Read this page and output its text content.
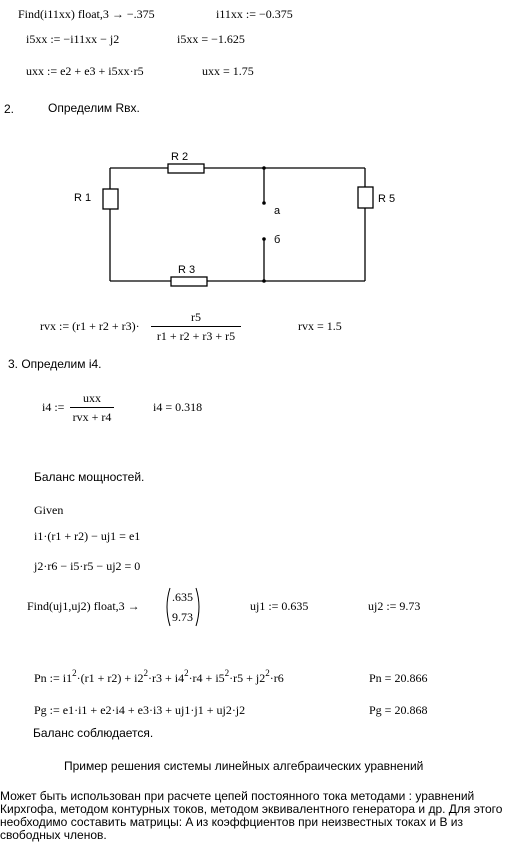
Find(i11xx) float,3 → −.375	i11xx := −0.375
i5xx := −i11xx − j2	i5xx = −1.625
uxx := e2 + e3 + i5xx·r5	uxx = 1.75
2.	Определим Rвх.
R 2
R 1	R 5
R 3
a
б
rvx := (r1 + r2 + r3)·
r5
r1 + r2 + r3 + r5
rvx = 1.5
3. Определим i4.
i4 :=
uxx
rvx + r4
i4 = 0.318
Баланс мощностей.
Given
i1·(r1 + r2) − uj1 = e1
j2·r6 − i5·r5 − uj2 = 0
Find(uj1,uj2) float,3 →
.635
9.73
uj1 := 0.635	uj2 := 9.73
Pn := $i1^2\cdot(r1 + r2) + i2^2\cdot r3 + i4^2\cdot r4 + i5^2\cdot r5 + j2^2\cdot r6$	Pn = 20.866
Pg := e1·i1 + e2·i4 + e3·i3 + uj1·j1 + uj2·j2	Pg = 20.868
Баланс соблюдается.
Пример решения системы линейных алгебраических уравнений
Может быть использован при расчете цепей постоянного тока методами : уравнений Кирхгофа, методом контурных токов, методом эквивалентного генератора и др. Для этого необходимо составить матрицы: A из коэффциентов при неизвестных токах и B из свободных членов.
